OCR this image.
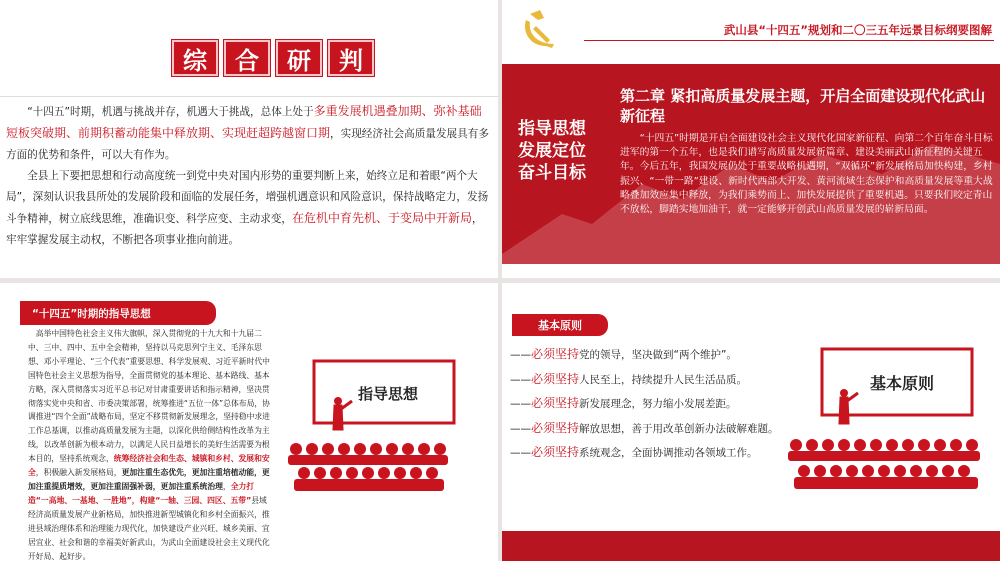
综	合	研	判

“十四五”时期，机遇与挑战并存，机遇大于挑战，总体上处于多重发展机遇叠加期、弥补基础短板突破期、前期积蓄动能集中释放期、实现赶超跨越窗口期，实现经济社会高质量发展具有多方面的优势和条件，可以大有作为。

全县上下要把思想和行动高度统一到党中央对国内形势的重要判断上来，始终立足和着眼“两个大局”，深刻认识我县所处的发展阶段和面临的发展任务，增强机遇意识和风险意识，保持战略定力，发扬斗争精神，树立底线思维，准确识变、科学应变、主动求变，在危机中育先机、于变局中开新局，牢牢掌握发展主动权，不断把各项事业推向前进。

武山县“十四五”规划和二〇三五年远景目标纲要图解
指导思想
发展定位
奋斗目标
第二章 紧扣高质量发展主题，开启全面建设现代化武山新征程
“十四五”时期是开启全面建设社会主义现代化国家新征程、向第二个百年奋斗目标进军的第一个五年，也是我们谱写高质量发展新篇章、建设美丽武山新征程的关键五年。今后五年，我国发展仍处于重要战略机遇期，“双循环”新发展格局加快构建，乡村振兴、“一带一路”建设、新时代西部大开发、黄河流域生态保护和高质量发展等重大战略叠加效应集中释放，为我们乘势而上、加快发展提供了重要机遇。只要我们咬定青山不放松，脚踏实地加油干，就一定能够开创武山高质量发展的崭新局面。
“十四五”时期的指导思想

高举中国特色社会主义伟大旗帜，深入贯彻党的十九大和十九届二中、三中、四中、五中全会精神，坚持以马克思列宁主义、毛泽东思想、邓小平理论、“三个代表”重要思想、科学发展观、习近平新时代中国特色社会主义思想为指导，全面贯彻党的基本理论、基本路线、基本方略，深入贯彻落实习近平总书记对甘肃重要讲话和指示精神，坚决贯彻落实党中央和省、市委决策部署，统筹推进“五位一体”总体布局，协调推进“四个全面”战略布局，坚定不移贯彻新发展理念，坚持稳中求进工作总基调，以推动高质量发展为主题，以深化供给侧结构性改革为主线，以改革创新为根本动力，以满足人民日益增长的美好生活需要为根本目的，坚持系统观念，统筹经济社会和生态、城镇和乡村、发展和安全，积极融入新发展格局，更加注重生态优先，更加注重培植动能，更加注重提质增效，更加注重固强补弱，更加注重系统治理，全力打造“一高地、一基地、一胜地”，构建“一轴、三园、四区、五带”县域经济高质量发展产业新格局，加快推进新型城镇化和乡村全面振兴，推进县域治理体系和治理能力现代化，加快建设产业兴旺、城乡美丽、宜居宜业、社会和谐的幸福美好新武山，为武山全面建设社会主义现代化开好局、起好步。

指导思想
基本原则
——必须坚持党的领导，坚决做到“两个维护”。
——必须坚持人民至上，持续提升人民生活品质。
——必须坚持新发展理念，努力缩小发展差距。
——必须坚持解放思想，善于用改革创新办法破解难题。
——必须坚持系统观念，全面协调推动各领域工作。
基本原则
